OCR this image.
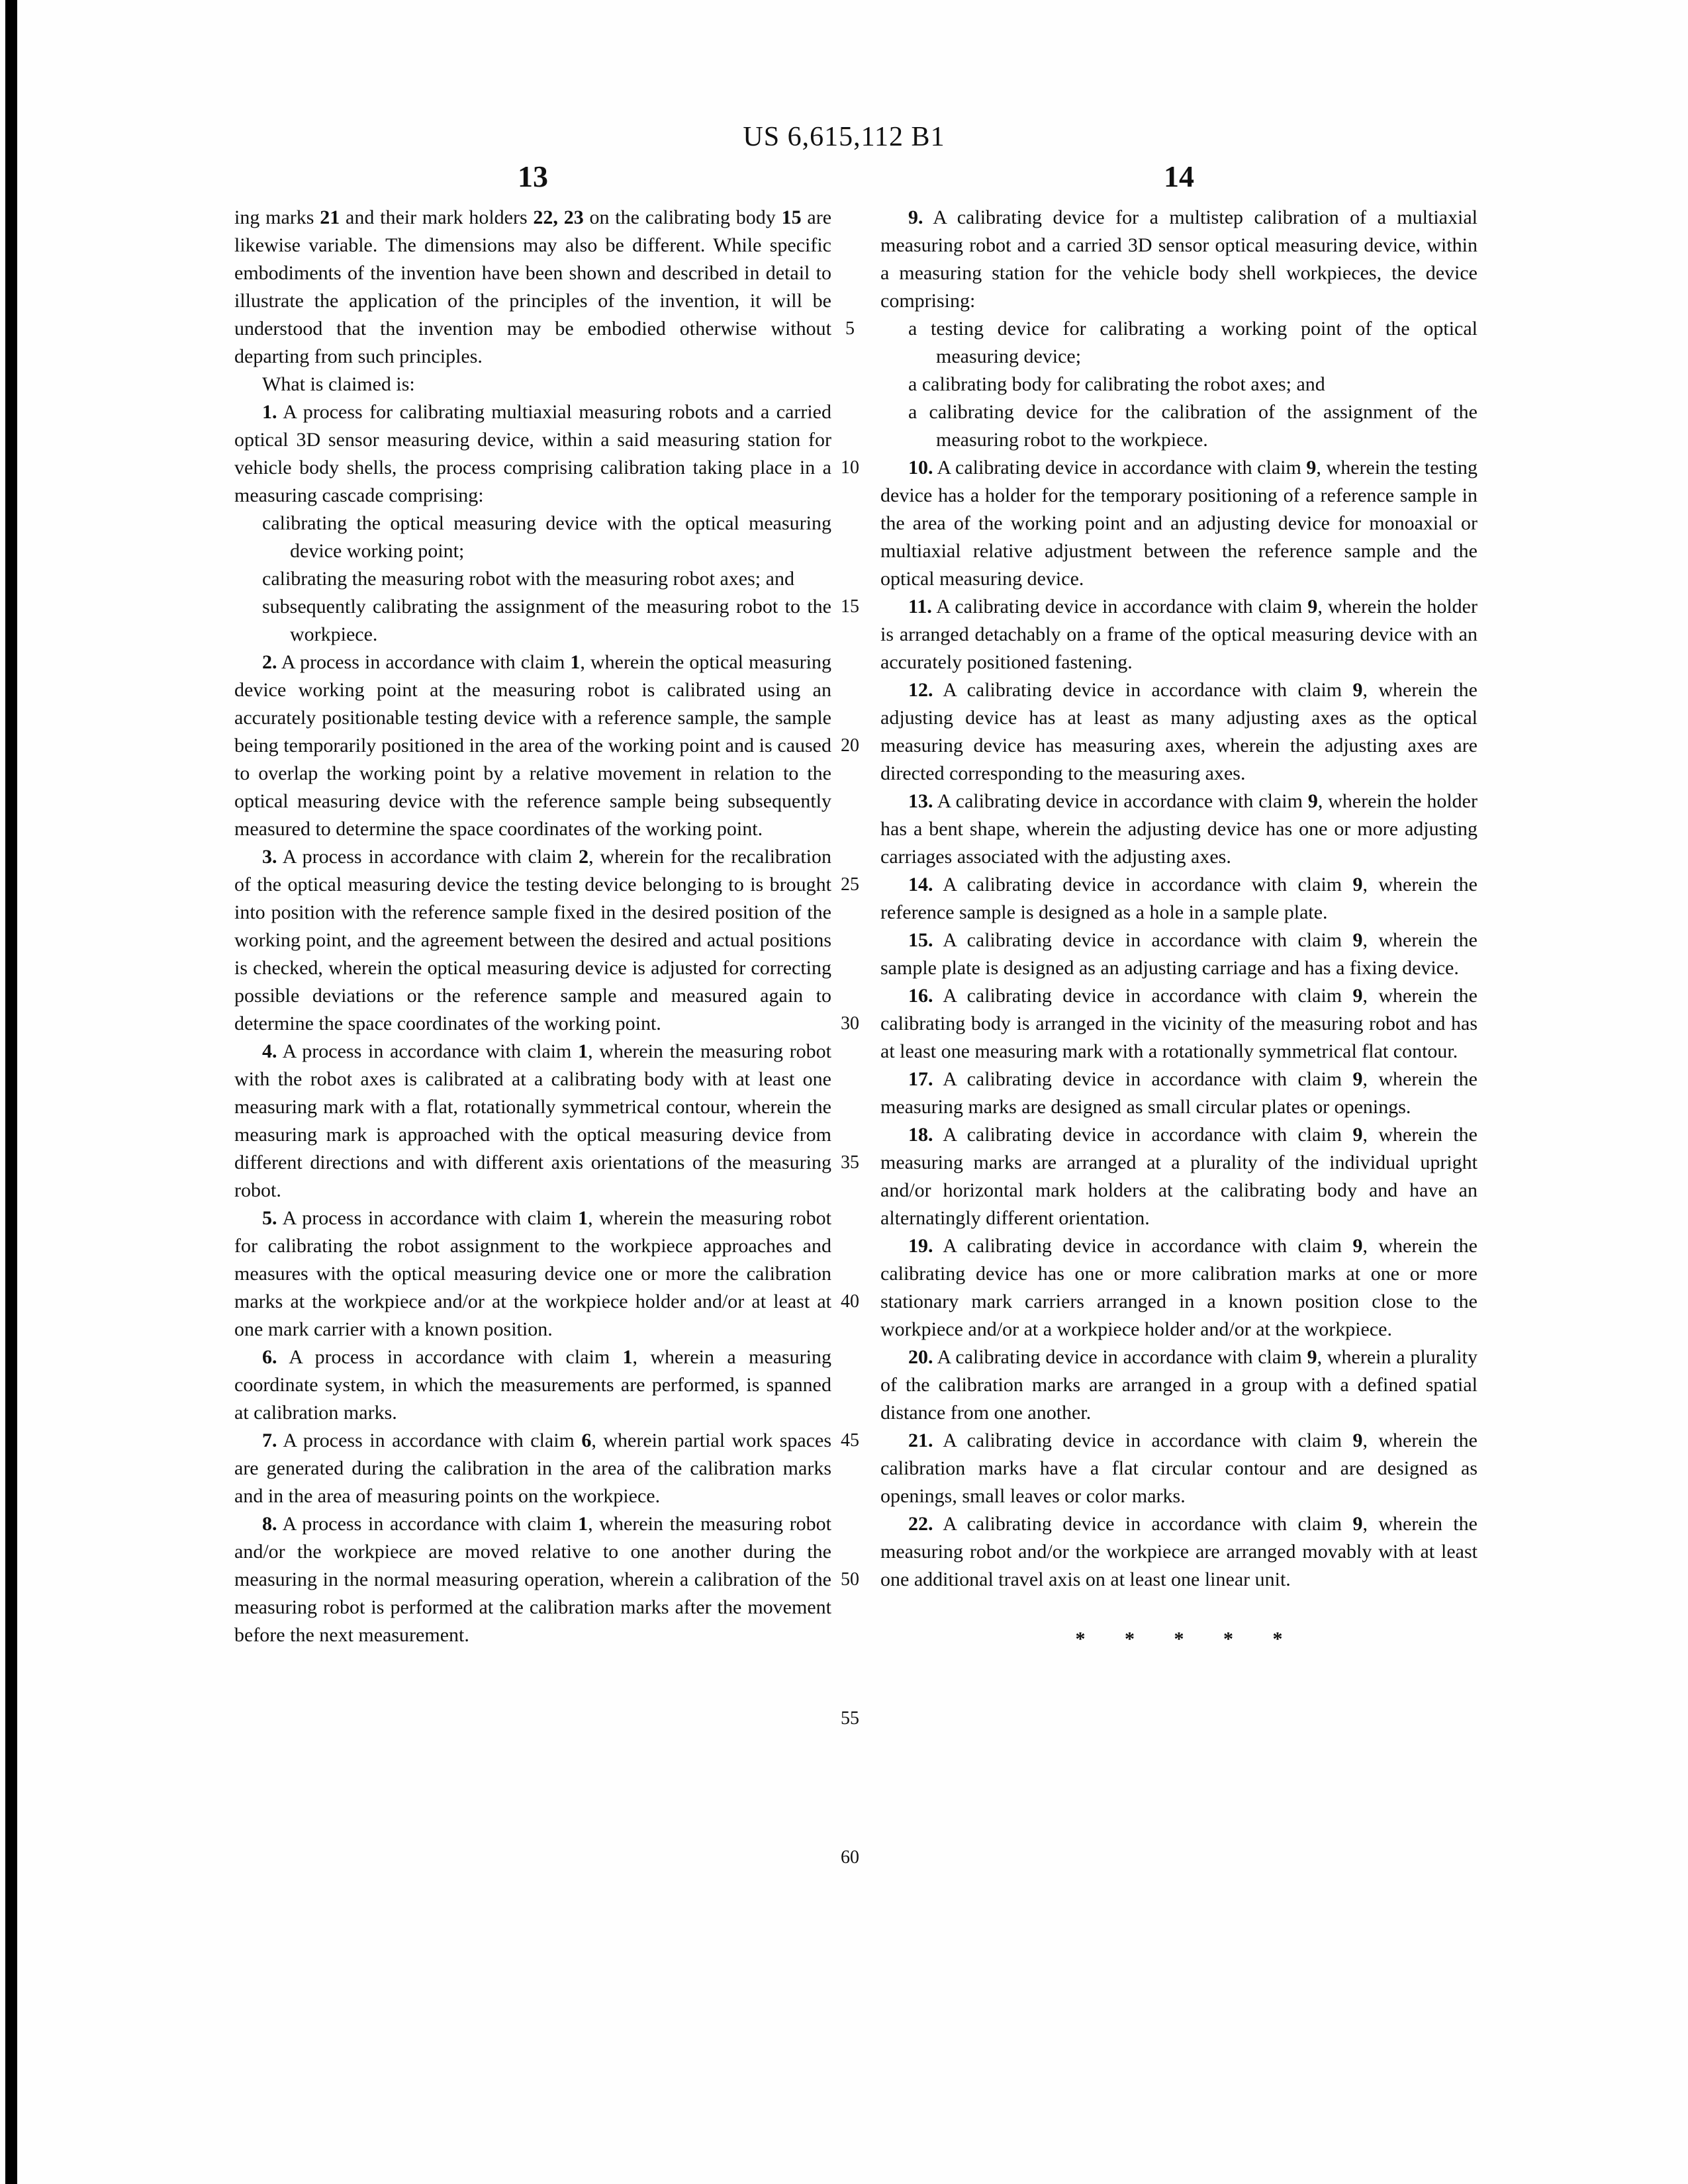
US 6,615,112 B1
13

ing marks 21 and their mark holders 22, 23 on the calibrating body 15 are likewise variable. The dimensions may also be different. While specific embodiments of the invention have been shown and described in detail to illustrate the application of the principles of the invention, it will be understood that the invention may be embodied otherwise without departing from such principles.

What is claimed is:

1. A process for calibrating multiaxial measuring robots and a carried optical 3D sensor measuring device, within a said measuring station for vehicle body shells, the process comprising calibration taking place in a measuring cascade comprising:

calibrating the optical measuring device with the optical measuring device working point;

calibrating the measuring robot with the measuring robot axes; and

subsequently calibrating the assignment of the measuring robot to the workpiece.

2. A process in accordance with claim 1, wherein the optical measuring device working point at the measuring robot is calibrated using an accurately positionable testing device with a reference sample, the sample being temporarily positioned in the area of the working point and is caused to overlap the working point by a relative movement in relation to the optical measuring device with the reference sample being subsequently measured to determine the space coordinates of the working point.

3. A process in accordance with claim 2, wherein for the recalibration of the optical measuring device the testing device belonging to is brought into position with the reference sample fixed in the desired position of the working point, and the agreement between the desired and actual positions is checked, wherein the optical measuring device is adjusted for correcting possible deviations or the reference sample and measured again to determine the space coordinates of the working point.

4. A process in accordance with claim 1, wherein the measuring robot with the robot axes is calibrated at a calibrating body with at least one measuring mark with a flat, rotationally symmetrical contour, wherein the measuring mark is approached with the optical measuring device from different directions and with different axis orientations of the measuring robot.

5. A process in accordance with claim 1, wherein the measuring robot for calibrating the robot assignment to the workpiece approaches and measures with the optical measuring device one or more the calibration marks at the workpiece and/or at the workpiece holder and/or at least at one mark carrier with a known position.

6. A process in accordance with claim 1, wherein a measuring coordinate system, in which the measurements are performed, is spanned at calibration marks.

7. A process in accordance with claim 6, wherein partial work spaces are generated during the calibration in the area of the calibration marks and in the area of measuring points on the workpiece.

8. A process in accordance with claim 1, wherein the measuring robot and/or the workpiece are moved relative to one another during the measuring in the normal measuring operation, wherein a calibration of the measuring robot is performed at the calibration marks after the movement before the next measurement.

5
10
15
20
25
30
35
40
45
50
55
60
14

9. A calibrating device for a multistep calibration of a multiaxial measuring robot and a carried 3D sensor optical measuring device, within a measuring station for the vehicle body shell workpieces, the device comprising:

a testing device for calibrating a working point of the optical measuring device;

a calibrating body for calibrating the robot axes; and

a calibrating device for the calibration of the assignment of the measuring robot to the workpiece.

10. A calibrating device in accordance with claim 9, wherein the testing device has a holder for the temporary positioning of a reference sample in the area of the working point and an adjusting device for monoaxial or multiaxial relative adjustment between the reference sample and the optical measuring device.

11. A calibrating device in accordance with claim 9, wherein the holder is arranged detachably on a frame of the optical measuring device with an accurately positioned fastening.

12. A calibrating device in accordance with claim 9, wherein the adjusting device has at least as many adjusting axes as the optical measuring device has measuring axes, wherein the adjusting axes are directed corresponding to the measuring axes.

13. A calibrating device in accordance with claim 9, wherein the holder has a bent shape, wherein the adjusting device has one or more adjusting carriages associated with the adjusting axes.

14. A calibrating device in accordance with claim 9, wherein the reference sample is designed as a hole in a sample plate.

15. A calibrating device in accordance with claim 9, wherein the sample plate is designed as an adjusting carriage and has a fixing device.

16. A calibrating device in accordance with claim 9, wherein the calibrating body is arranged in the vicinity of the measuring robot and has at least one measuring mark with a rotationally symmetrical flat contour.

17. A calibrating device in accordance with claim 9, wherein the measuring marks are designed as small circular plates or openings.

18. A calibrating device in accordance with claim 9, wherein the measuring marks are arranged at a plurality of the individual upright and/or horizontal mark holders at the calibrating body and have an alternatingly different orientation.

19. A calibrating device in accordance with claim 9, wherein the calibrating device has one or more calibration marks at one or more stationary mark carriers arranged in a known position close to the workpiece and/or at a workpiece holder and/or at the workpiece.

20. A calibrating device in accordance with claim 9, wherein a plurality of the calibration marks are arranged in a group with a defined spatial distance from one another.

21. A calibrating device in accordance with claim 9, wherein the calibration marks have a flat circular contour and are designed as openings, small leaves or color marks.

22. A calibrating device in accordance with claim 9, wherein the measuring robot and/or the workpiece are arranged movably with at least one additional travel axis on at least one linear unit.

* * * * *
